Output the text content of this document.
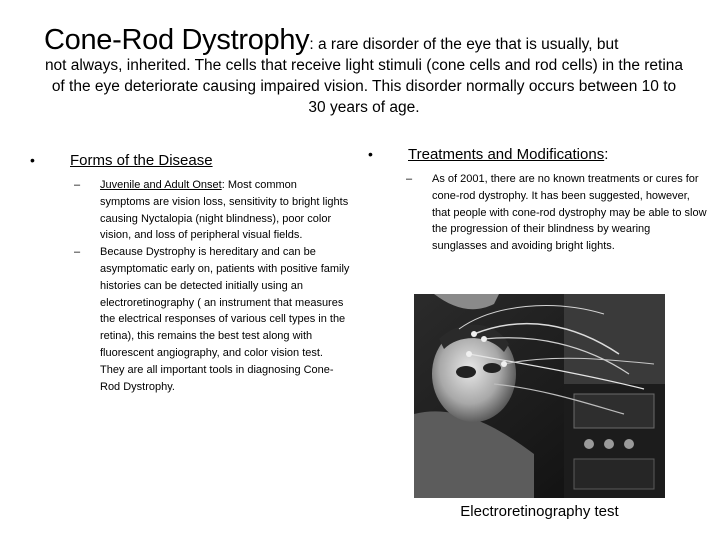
Cone-Rod Dystrophy: a rare disorder of the eye that is usually, but
not always, inherited. The cells that receive light stimuli (cone cells and rod cells) in the retina of the eye deteriorate causing impaired vision. This disorder normally occurs between 10 to 30 years of age.
•	Forms of the Disease
–	Juvenile and Adult Onset: Most common symptoms are vision loss, sensitivity to bright lights causing Nyctalopia (night blindness), poor color vision, and loss of peripheral visual fields.
–	Because Dystrophy is hereditary and can be asymptomatic early on, patients with positive family histories can be detected initially using an electroretinography ( an instrument that measures the electrical responses of various cell types in the retina), this remains the best test along with fluorescent angiography, and color vision test. They are all important tools in diagnosing Cone-Rod Dystrophy.
•	Treatments and Modifications:
–	As of 2001, there are no known treatments or cures for cone-rod dystrophy. It has been suggested, however, that people with cone-rod dystrophy may be able to slow the progression of their blindness by wearing sunglasses and avoiding bright lights.
Electroretinography test
